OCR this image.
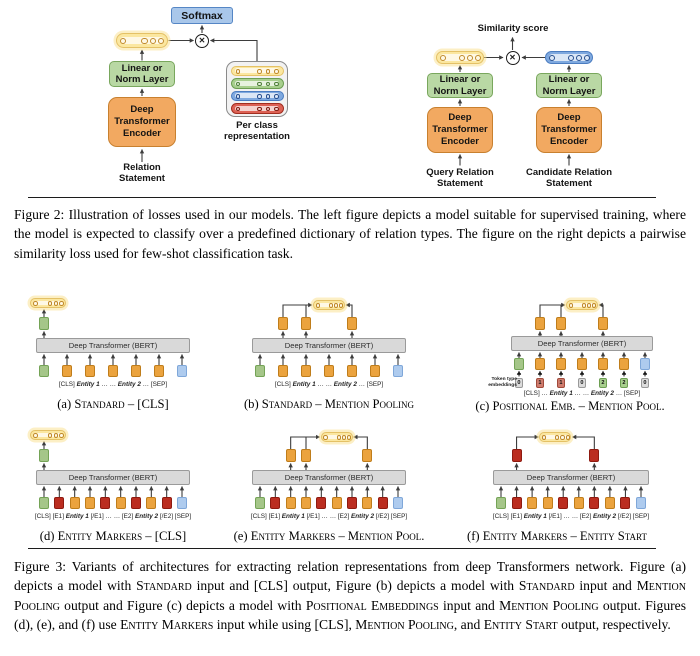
Softmax
✕
Linear or
Norm Layer
Deep
Transformer
Encoder
Relation
Statement
Per class
representation
Similarity score
✕
Linear or
Norm Layer
Deep
Transformer
Encoder
Query Relation
Statement
Linear or
Norm Layer
Deep
Transformer
Encoder
Candidate Relation
Statement

Figure 2: Illustration of losses used in our models. The left figure depicts a model suitable for supervised training, where the model is expected to classify over a predefined dictionary of relation types. The figure on the right depicts a pairwise similarity loss used for few-shot classification task.

Deep Transformer (BERT)
[CLS] Entity 1 … … Entity 2 … [SEP]
(a) Standard – [CLS]
Deep Transformer (BERT)
[CLS] Entity 1 … … Entity 2 … [SEP]
(b) Standard – Mention Pooling
Deep Transformer (BERT)
+
0
+
1
+
1
+
0
+
2
+
2
+
0
Token type
embeddings
[CLS] … Entity 1 … … Entity 2 … [SEP]
(c) Positional Emb. – Mention Pool.
Deep Transformer (BERT)
[CLS] [E1] Entity 1 [/E1] … … [E2] Entity 2 [/E2] [SEP]
(d) Entity Markers – [CLS]
Deep Transformer (BERT)
[CLS] [E1] Entity 1 [/E1] … … [E2] Entity 2 [/E2] [SEP]
(e) Entity Markers – Mention Pool.
Deep Transformer (BERT)
[CLS] [E1] Entity 1 [/E1] … … [E2] Entity 2 [/E2] [SEP]
(f) Entity Markers – Entity Start

Figure 3: Variants of architectures for extracting relation representations from deep Transformers network. Figure (a) depicts a model with Standard input and [CLS] output, Figure (b) depicts a model with Standard input and Mention Pooling output and Figure (c) depicts a model with Positional Embeddings input and Mention Pooling output. Figures (d), (e), and (f) use Entity Markers input while using [CLS], Mention Pooling, and Entity Start output, respectively.
